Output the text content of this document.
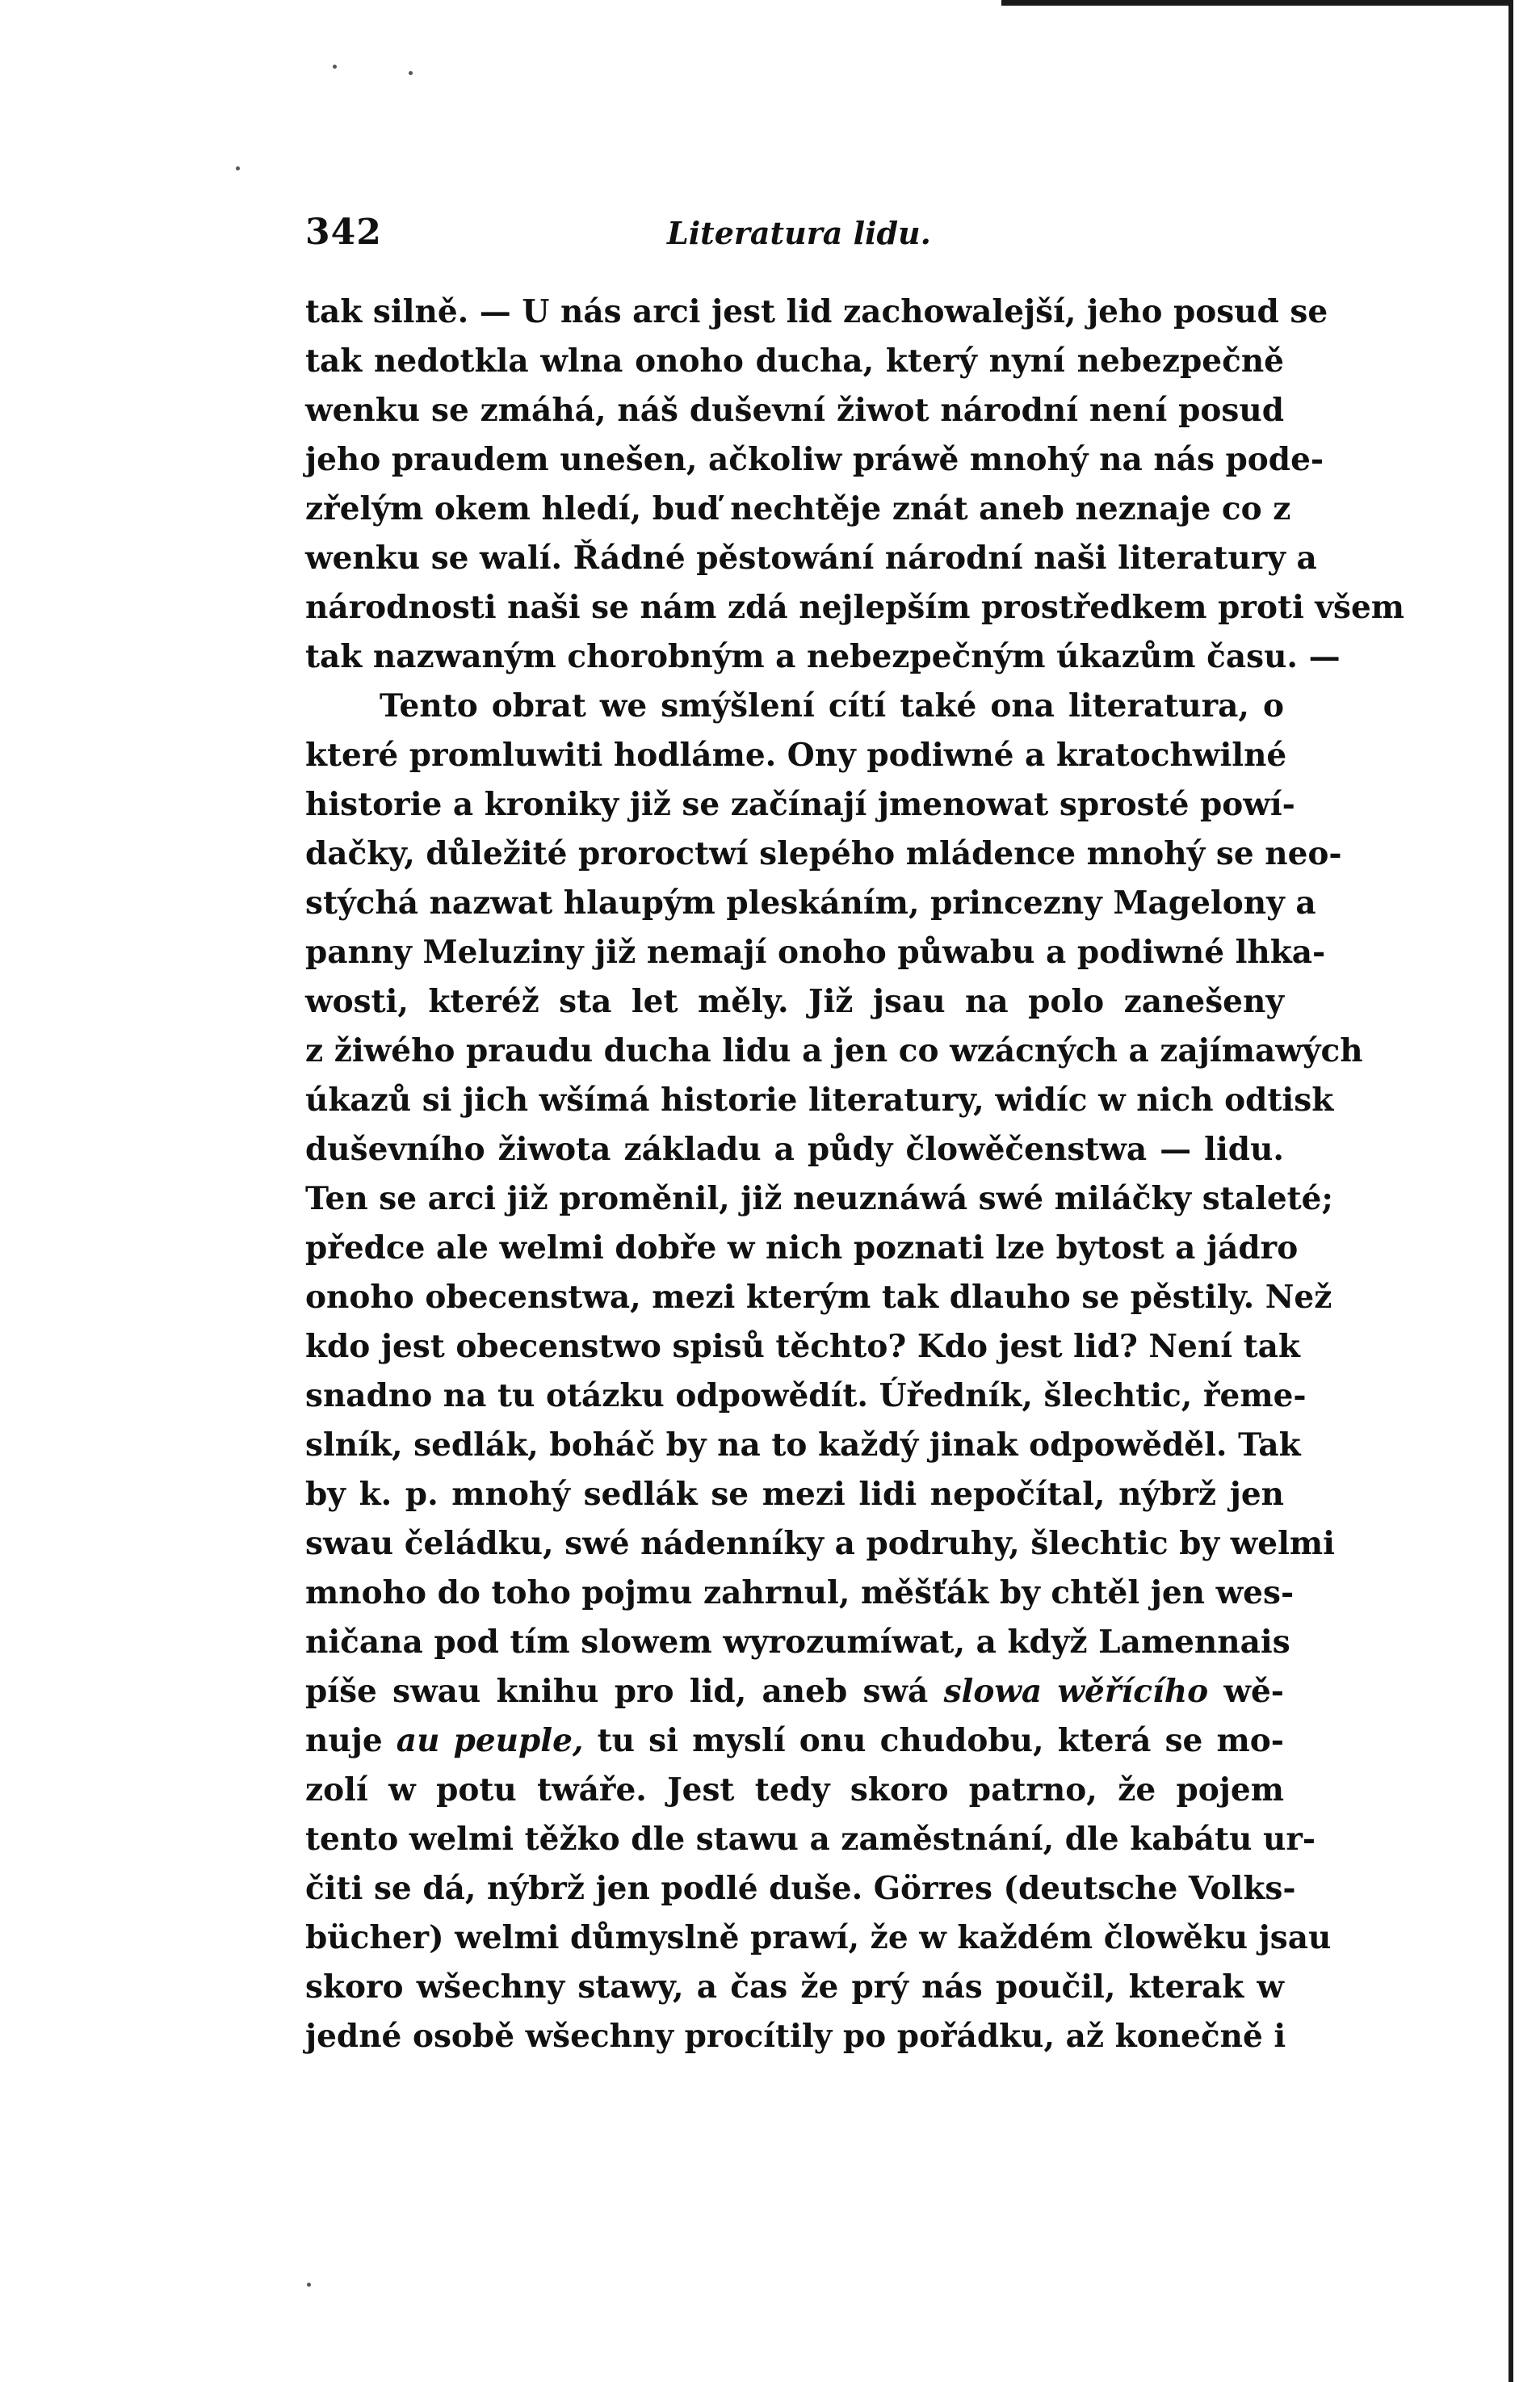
342	Literatura lidu.
tak silně. — U nás arci jest lid zachowalejší, jeho posud se
tak nedotkla wlna onoho ducha, který nyní nebezpečně
wenku se zmáhá, náš duševní žiwot národní není posud
jeho praudem unešen, ačkoliw práwě mnohý na nás pode-
zřelým okem hledí, buď nechtěje znát aneb neznaje co z
wenku se walí. Řádné pěstowání národní naši literatury a
národnosti naši se nám zdá nejlepším prostředkem proti všem
tak nazwaným chorobným a nebezpečným úkazům času. —
Tento obrat we smýšlení cítí také ona literatura, o
které promluwiti hodláme. Ony podiwné a kratochwilné
historie a kroniky již se začínají jmenowat sprosté powí-
dačky, důležité proroctwí slepého mládence mnohý se neo-
stýchá nazwat hlaupým pleskáním, princezny Magelony a
panny Meluziny již nemají onoho půwabu a podiwné lhka-
wosti, kteréž sta let měly. Již jsau na polo zanešeny
z žiwého praudu ducha lidu a jen co wzácných a zajímawých
úkazů si jich wšímá historie literatury, widíc w nich odtisk
duševního žiwota základu a půdy člowěčenstwa — lidu.
Ten se arci již proměnil, již neuznáwá swé miláčky staleté;
předce ale welmi dobře w nich poznati lze bytost a jádro
onoho obecenstwa, mezi kterým tak dlauho se pěstily. Než
kdo jest obecenstwo spisů těchto? Kdo jest lid? Není tak
snadno na tu otázku odpowědít. Úředník, šlechtic, řeme-
slník, sedlák, boháč by na to každý jinak odpowěděl. Tak
by k. p. mnohý sedlák se mezi lidi nepočítal, nýbrž jen
swau čeládku, swé nádenníky a podruhy, šlechtic by welmi
mnoho do toho pojmu zahrnul, měšťák by chtěl jen wes-
ničana pod tím slowem wyrozumíwat, a když Lamennais
píše swau knihu pro lid, aneb swá slowa wěřícího wě-
nuje au peuple, tu si myslí onu chudobu, která se mo-
zolí w potu twáře. Jest tedy skoro patrno, že pojem
tento welmi těžko dle stawu a zaměstnání, dle kabátu ur-
čiti se dá, nýbrž jen podlé duše. Görres (deutsche Volks-
bücher) welmi důmyslně prawí, že w každém člowěku jsau
skoro wšechny stawy, a čas že prý nás poučil, kterak w
jedné osobě wšechny procítily po pořádku, až konečně i
